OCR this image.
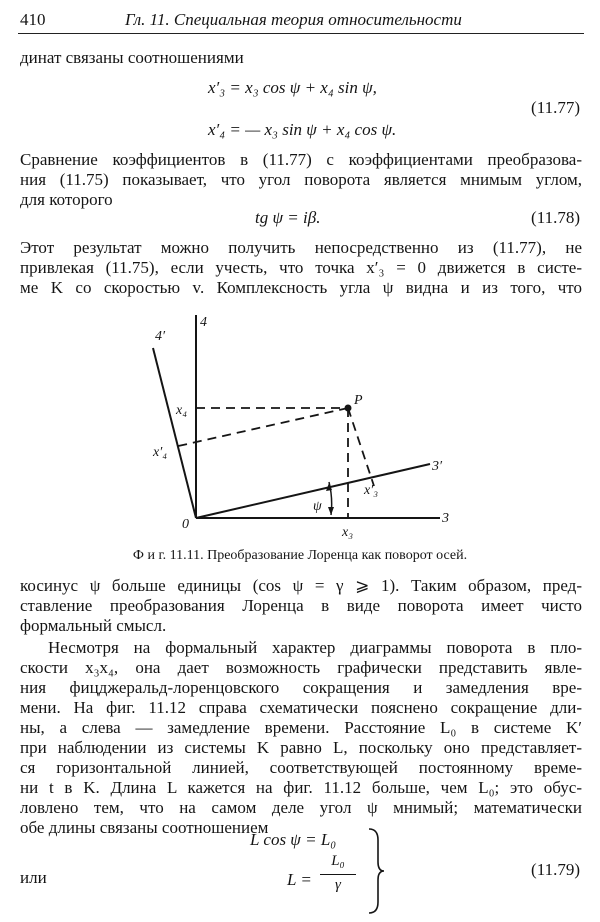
410	Гл. 11. Специальная теория относительности
динат связаны соотношениями
x′₃ = x₃ cos ψ + x₄ sin ψ,
x′₄ = — x₃ sin ψ + x₄ cos ψ.
(11.77)
Сравнение коэффициентов в (11.77) с коэффициентами преобразова-
ния (11.75) показывает, что угол поворота является мнимым углом,
для которого
tg ψ = iβ.	(11.78)
Этот результат можно получить непосредственно из (11.77), не
привлекая (11.75), если учесть, что точка x′₃ = 0 движется в систе-
ме K со скоростью v. Комплексность угла ψ видна и из того, что
4′
4
x₄
P
x′₄
3′
x′₃
ψ
0
x₃
3
Ф и г. 11.11. Преобразование Лоренца как поворот осей.
косинус ψ больше единицы (cos ψ = γ ⩾ 1). Таким образом, пред-
ставление преобразования Лоренца в виде поворота имеет чисто
формальный смысл.
Несмотря на формальный характер диаграммы поворота в пло-
скости x₃x₄, она дает возможность графически представить явле-
ния фицджеральд-лоренцовского сокращения и замедления вре-
мени. На фиг. 11.12 справа схематически пояснено сокращение дли-
ны, а слева — замедление времени. Расстояние L₀ в системе K′
при наблюдении из системы K равно L, поскольку оно представляет-
ся горизонтальной линией, соответствующей постоянному време-
ни t в K. Длина L кажется на фиг. 11.12 больше, чем L₀; это обус-
ловлено тем, что на самом деле угол ψ мнимый; математически
обе длины связаны соотношением
L cos ψ = L₀
или	L =
L₀
γ
(11.79)
